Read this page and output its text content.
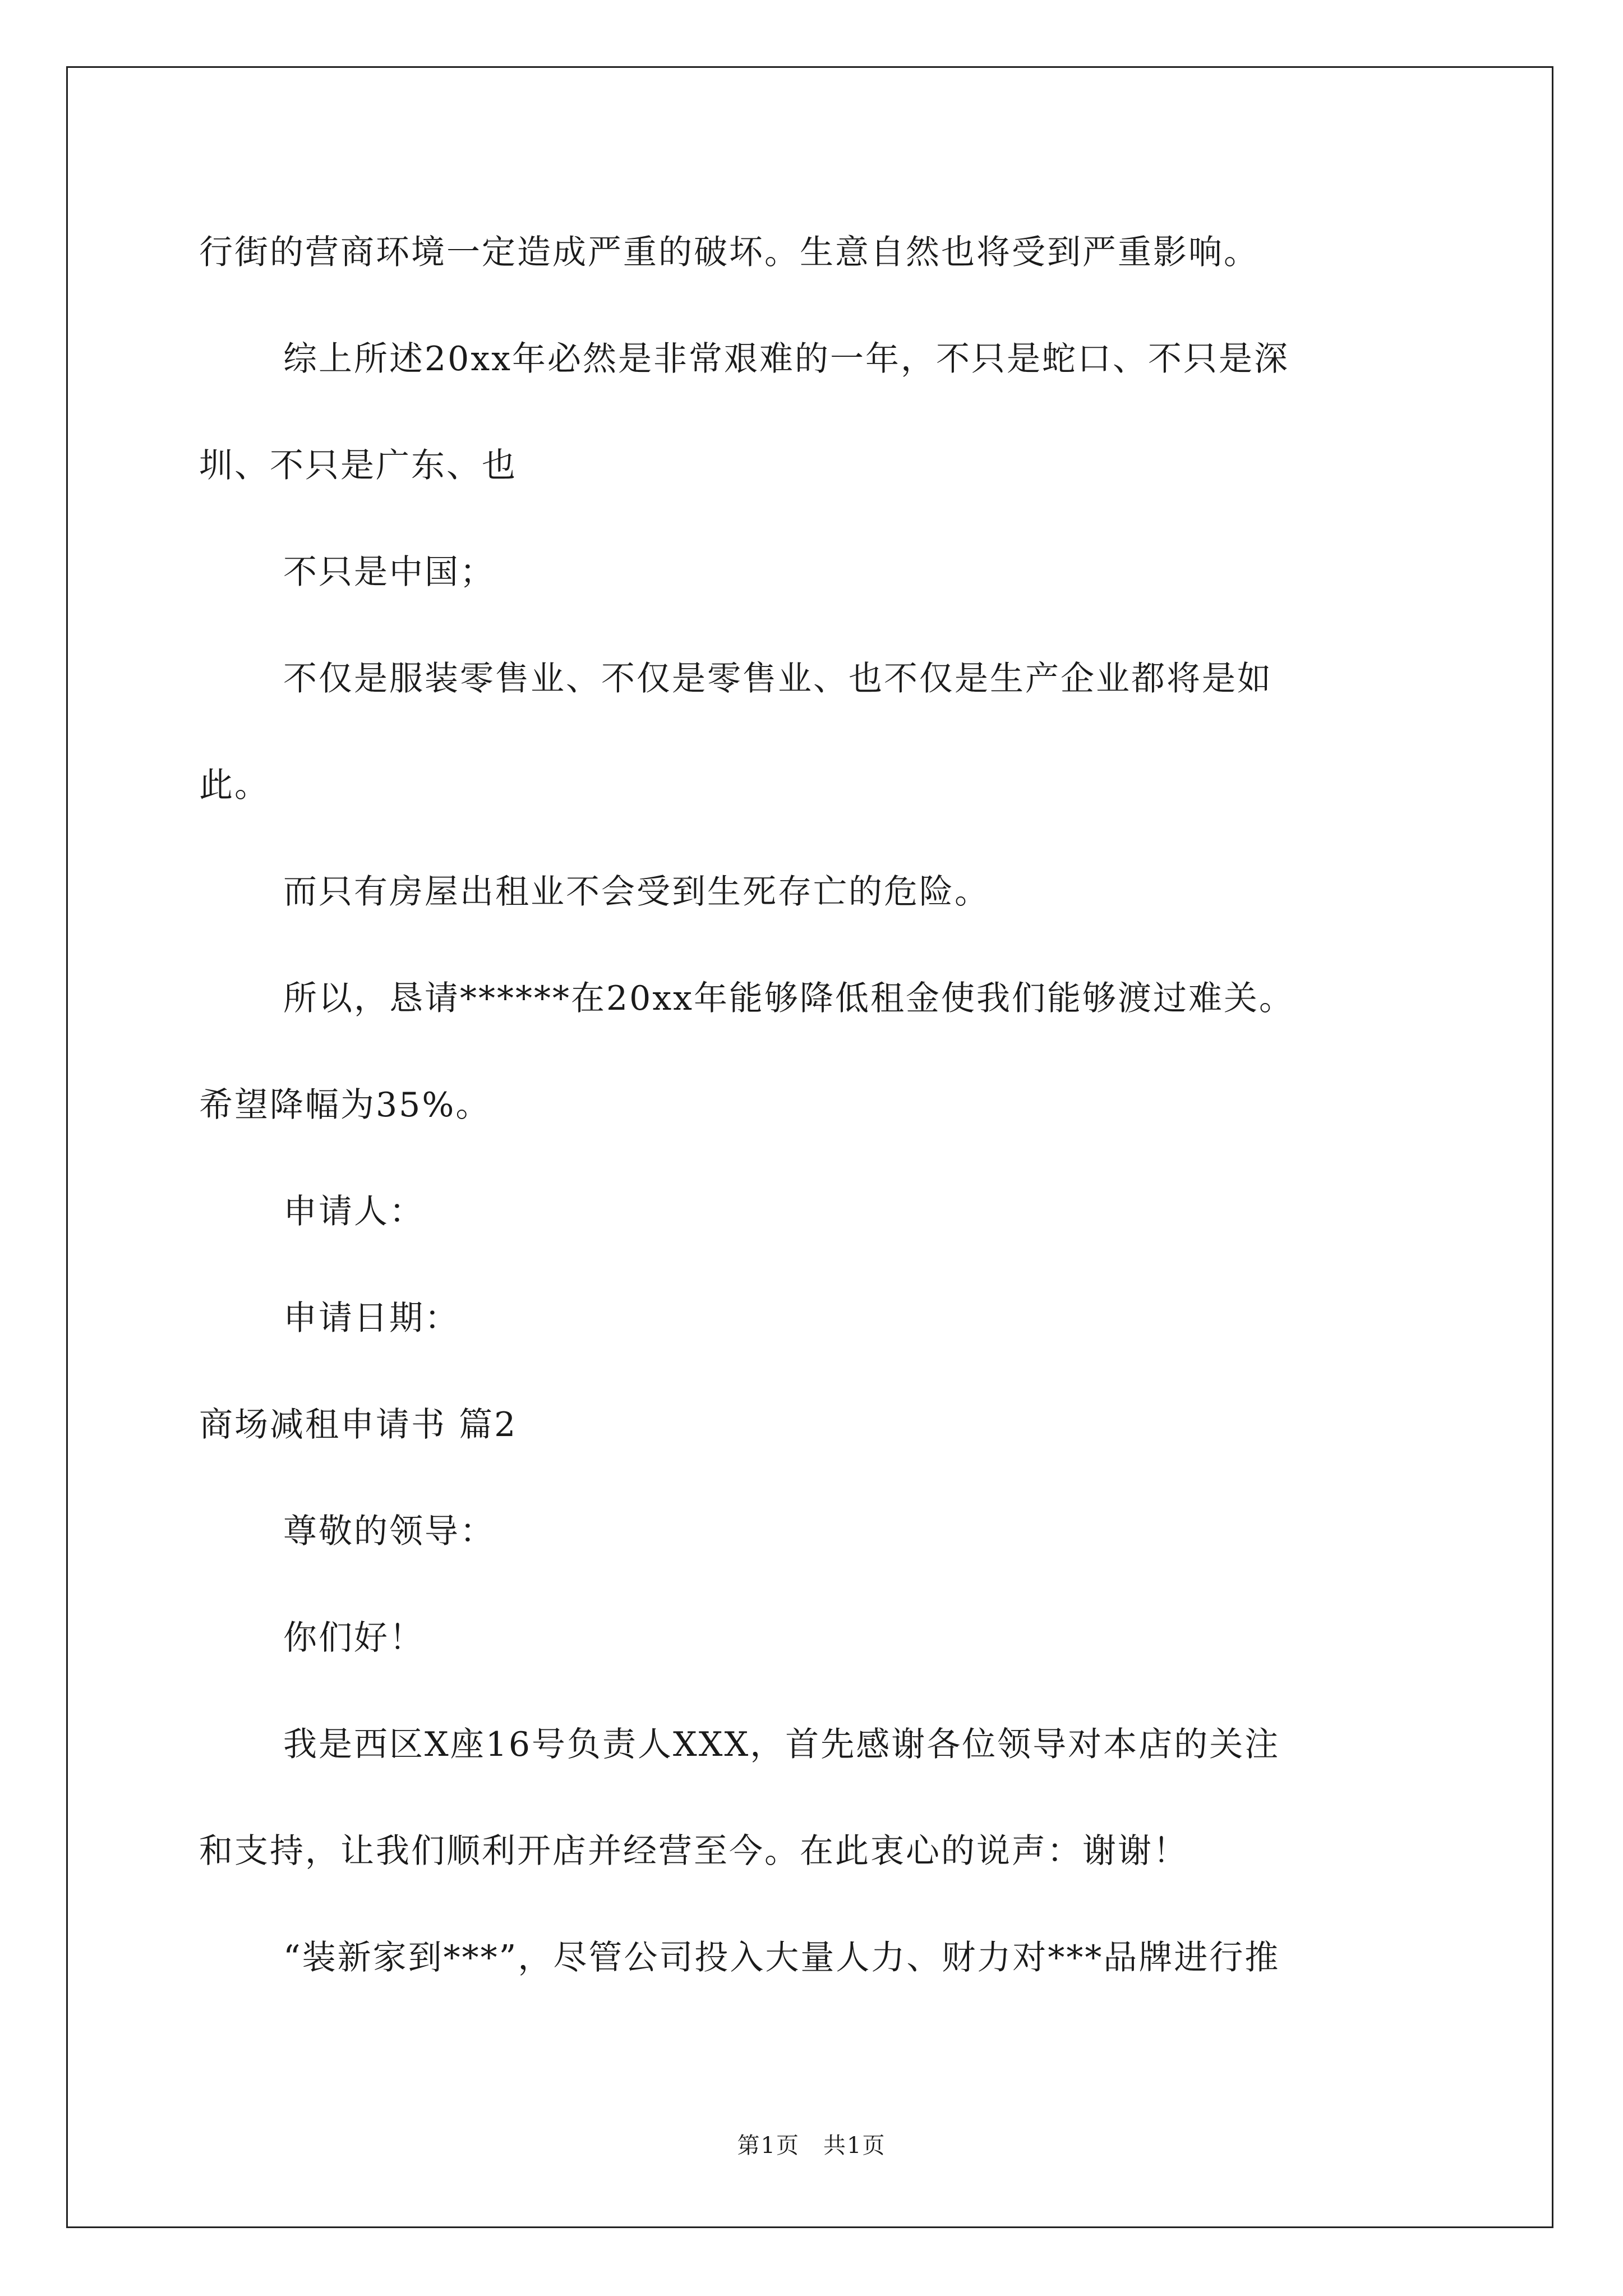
行街的营商环境一定造成严重的破坏。生意自然也将受到严重影响。
综上所述20xx年必然是非常艰难的一年，不只是蛇口、不只是深
圳、不只是广东、也
不只是中国；
不仅是服装零售业、不仅是零售业、也不仅是生产企业都将是如
此。
而只有房屋出租业不会受到生死存亡的危险。
所以，恳请******在20xx年能够降低租金使我们能够渡过难关。
希望降幅为35%。
申请人：
申请日期：
商场减租申请书 篇2
尊敬的领导：
你们好！
我是西区X座16号负责人XXX，首先感谢各位领导对本店的关注
和支持，让我们顺利开店并经营至今。在此衷心的说声：谢谢！
“装新家到***”，尽管公司投入大量人力、财力对***品牌进行推
第1页　共1页
